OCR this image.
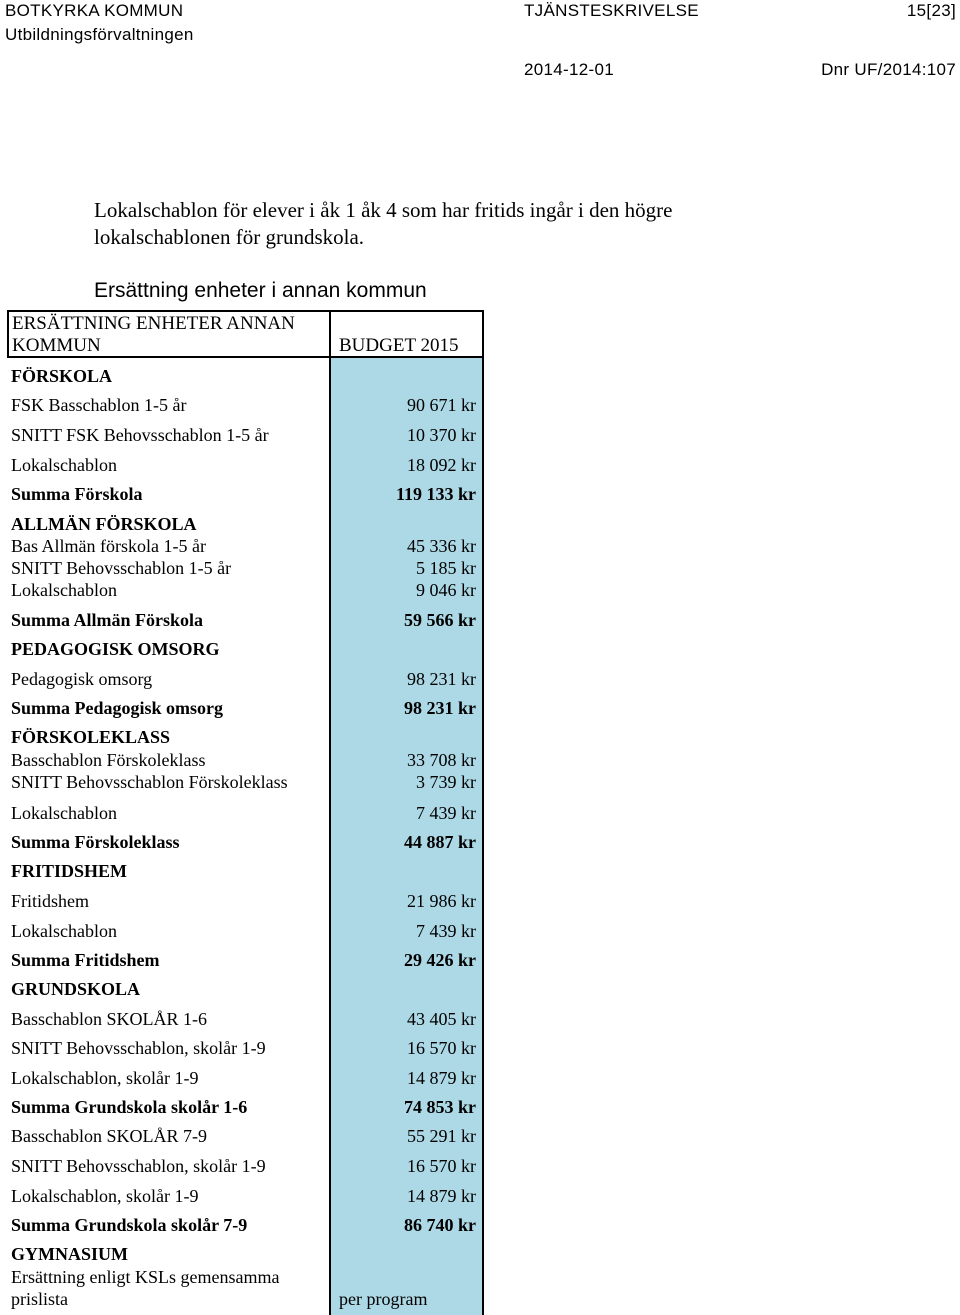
BOTKYRKA KOMMUN
Utbildningsförvaltningen
TJÄNSTESKRIVELSE	15[23]
2014-12-01	Dnr UF/2014:107
Lokalschablon för elever i åk 1 åk 4 som har fritids ingår i den högre lokalschablonen för grundskola.
Ersättning enheter i annan kommun
ERSÄTTNING ENHETER ANNAN
KOMMUN	BUDGET 2015
FÖRSKOLA
FSK Basschablon 1-5 år	90 671 kr
SNITT FSK Behovsschablon 1-5 år	10 370 kr
Lokalschablon	18 092 kr
Summa Förskola	119 133 kr
ALLMÄN FÖRSKOLA
Bas Allmän förskola 1-5 år	45 336 kr
SNITT Behovsschablon 1-5 år	5 185 kr
Lokalschablon	9 046 kr
Summa Allmän Förskola	59 566 kr
PEDAGOGISK OMSORG
Pedagogisk omsorg	98 231 kr
Summa Pedagogisk omsorg	98 231 kr
FÖRSKOLEKLASS
Basschablon Förskoleklass	33 708 kr
SNITT Behovsschablon Förskoleklass	3 739 kr
Lokalschablon	7 439 kr
Summa Förskoleklass	44 887 kr
FRITIDSHEM
Fritidshem	21 986 kr
Lokalschablon	7 439 kr
Summa Fritidshem	29 426 kr
GRUNDSKOLA
Basschablon SKOLÅR 1-6	43 405 kr
SNITT Behovsschablon, skolår 1-9	16 570 kr
Lokalschablon, skolår 1-9	14 879 kr
Summa Grundskola skolår 1-6	74 853 kr
Basschablon SKOLÅR 7-9	55 291 kr
SNITT Behovsschablon, skolår 1-9	16 570 kr
Lokalschablon, skolår 1-9	14 879 kr
Summa Grundskola skolår 7-9	86 740 kr
GYMNASIUM
Ersättning enligt KSLs gemensamma
prislista	per program
